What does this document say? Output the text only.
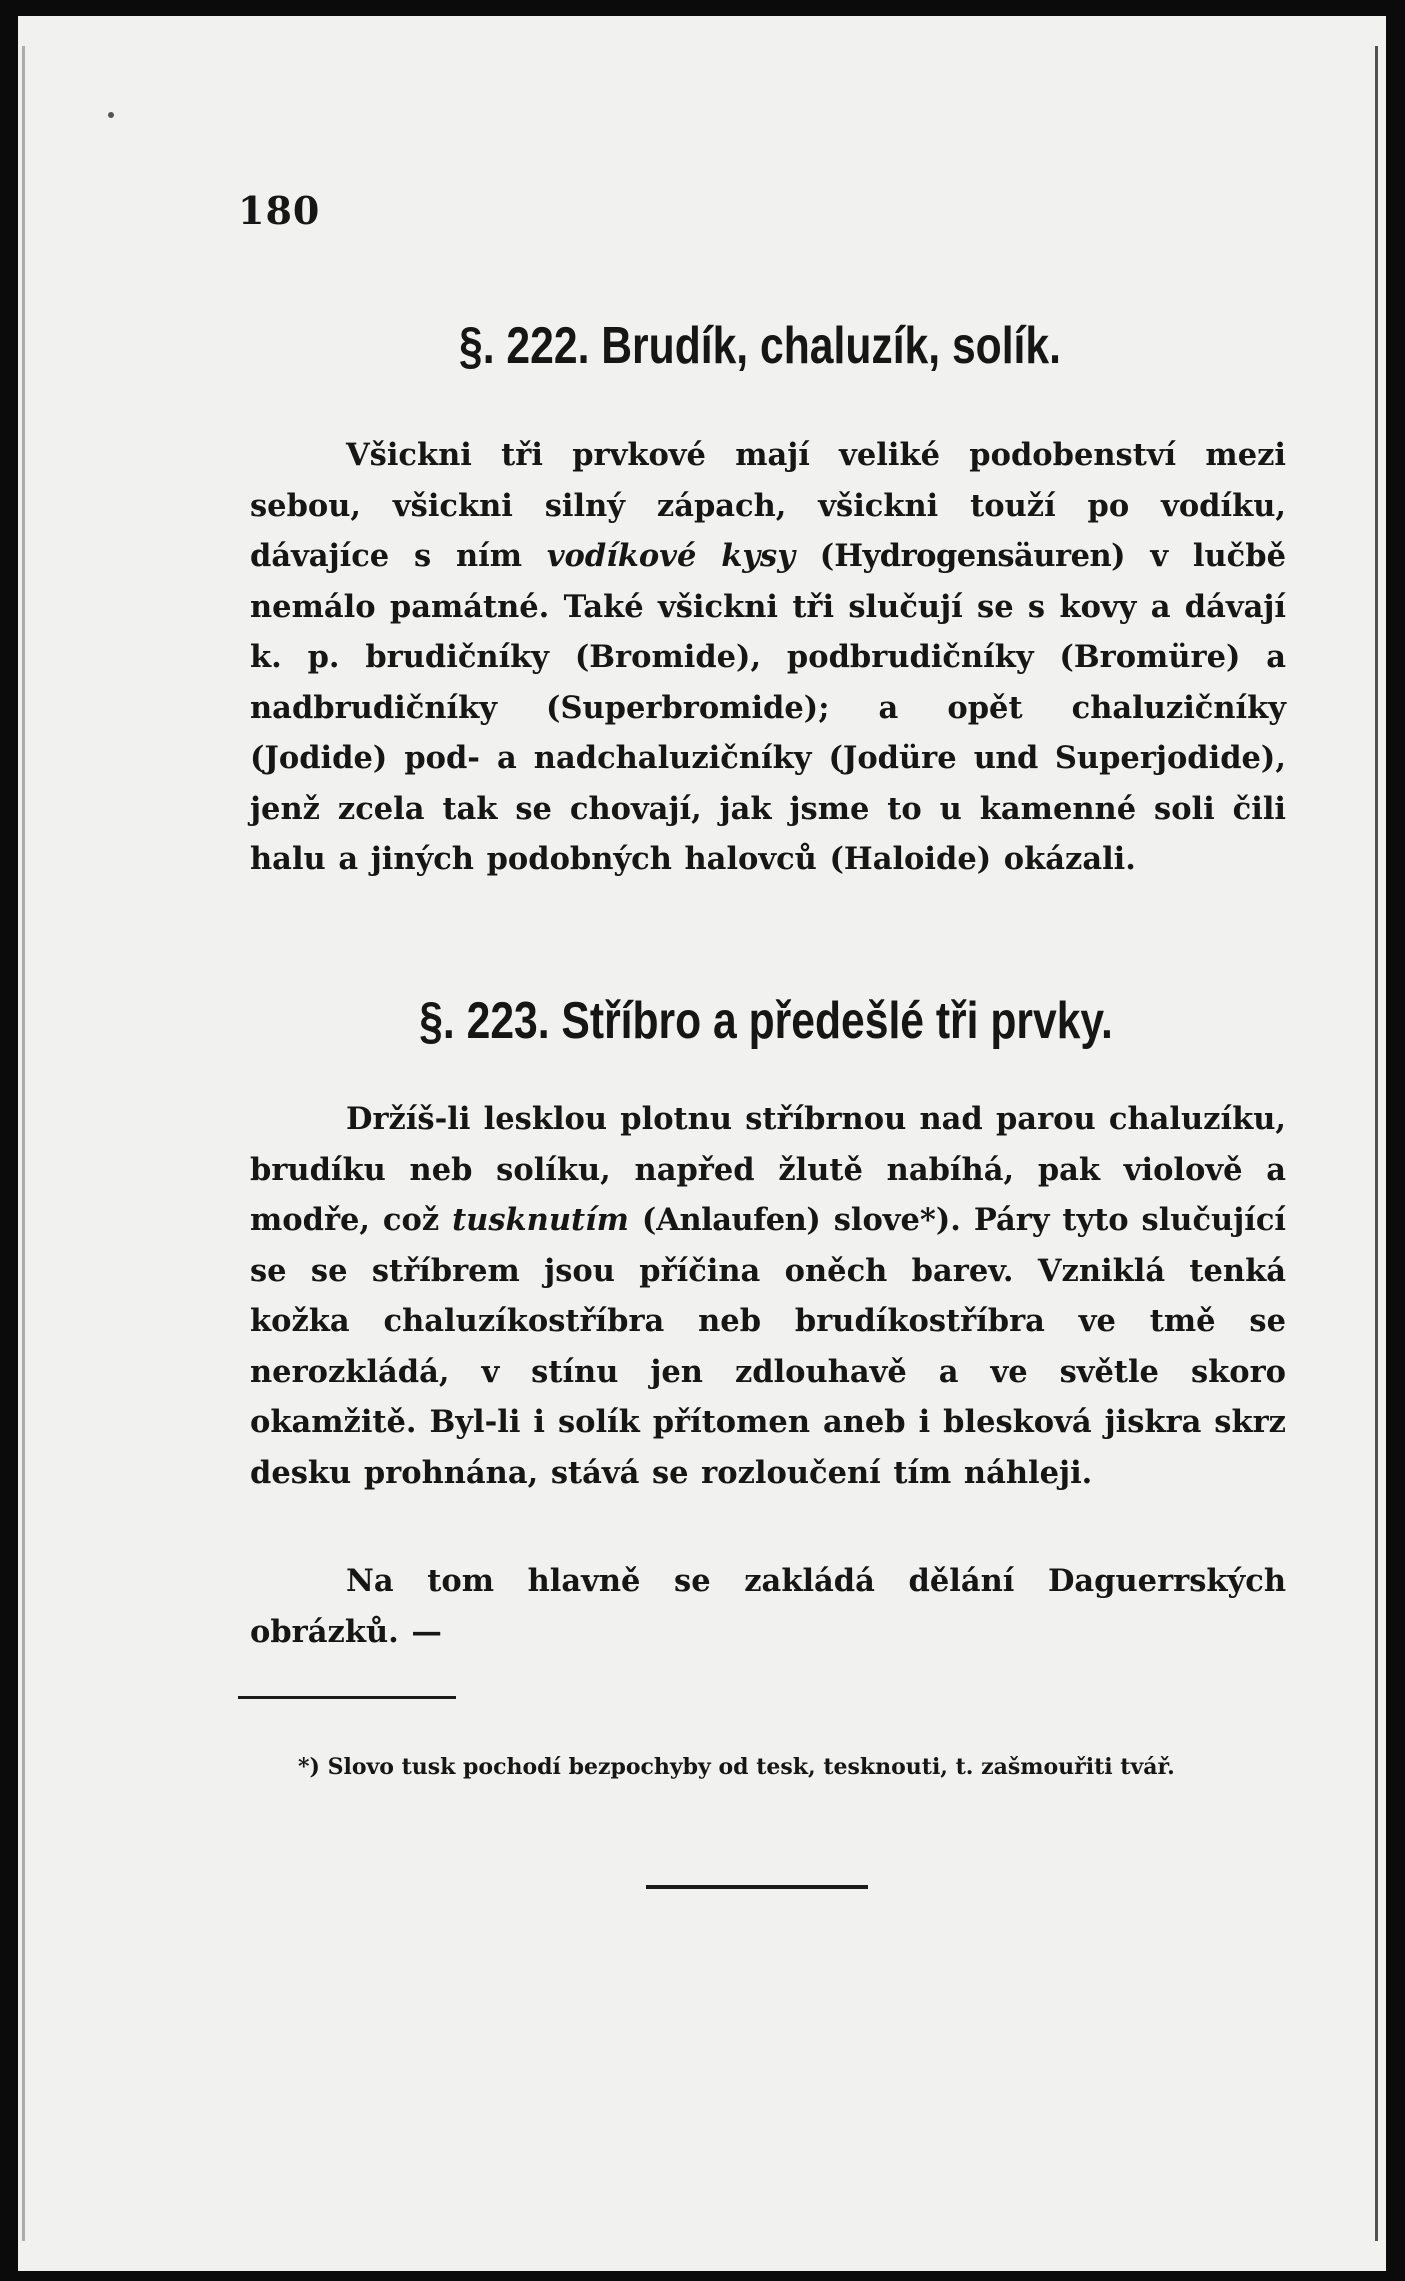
180
§. 222. Brudík, chaluzík, solík.

Všickni tři prvkové mají veliké podobenství mezi sebou, všickni silný zápach, všickni touží po vodíku, dávajíce s ním vodíkové kysy (Hydrogensäuren) v lučbě nemálo památné. Také všickni tři slučují se s kovy a dávají k. p. brudičníky (Bromide), podbrudičníky (Bromüre) a nadbrudičníky (Superbromide); a opět chaluzičníky (Jodide) pod- a nadchaluzičníky (Jodüre und Superjodide), jenž zcela tak se chovají, jak jsme to u kamenné soli čili halu a jiných podobných halovců (Haloide) okázali.

§. 223. Stříbro a předešlé tři prvky.

Držíš-li lesklou plotnu stříbrnou nad parou chaluzíku, brudíku neb solíku, napřed žlutě nabíhá, pak violově a modře, což tusknutím (Anlaufen) slove*). Páry tyto slučující se se stříbrem jsou příčina oněch barev. Vzniklá tenká kožka chaluzíkostříbra neb brudíkostříbra ve tmě se nerozkládá, v stínu jen zdlouhavě a ve světle skoro okamžitě. Byl-li i solík přítomen aneb i blesková jiskra skrz desku prohnána, stává se rozloučení tím náhleji.

Na tom hlavně se zakládá dělání Daguerrských obrázků. —

*) Slovo tusk pochodí bezpochyby od tesk, tesknouti, t. zašmouřiti tvář.
